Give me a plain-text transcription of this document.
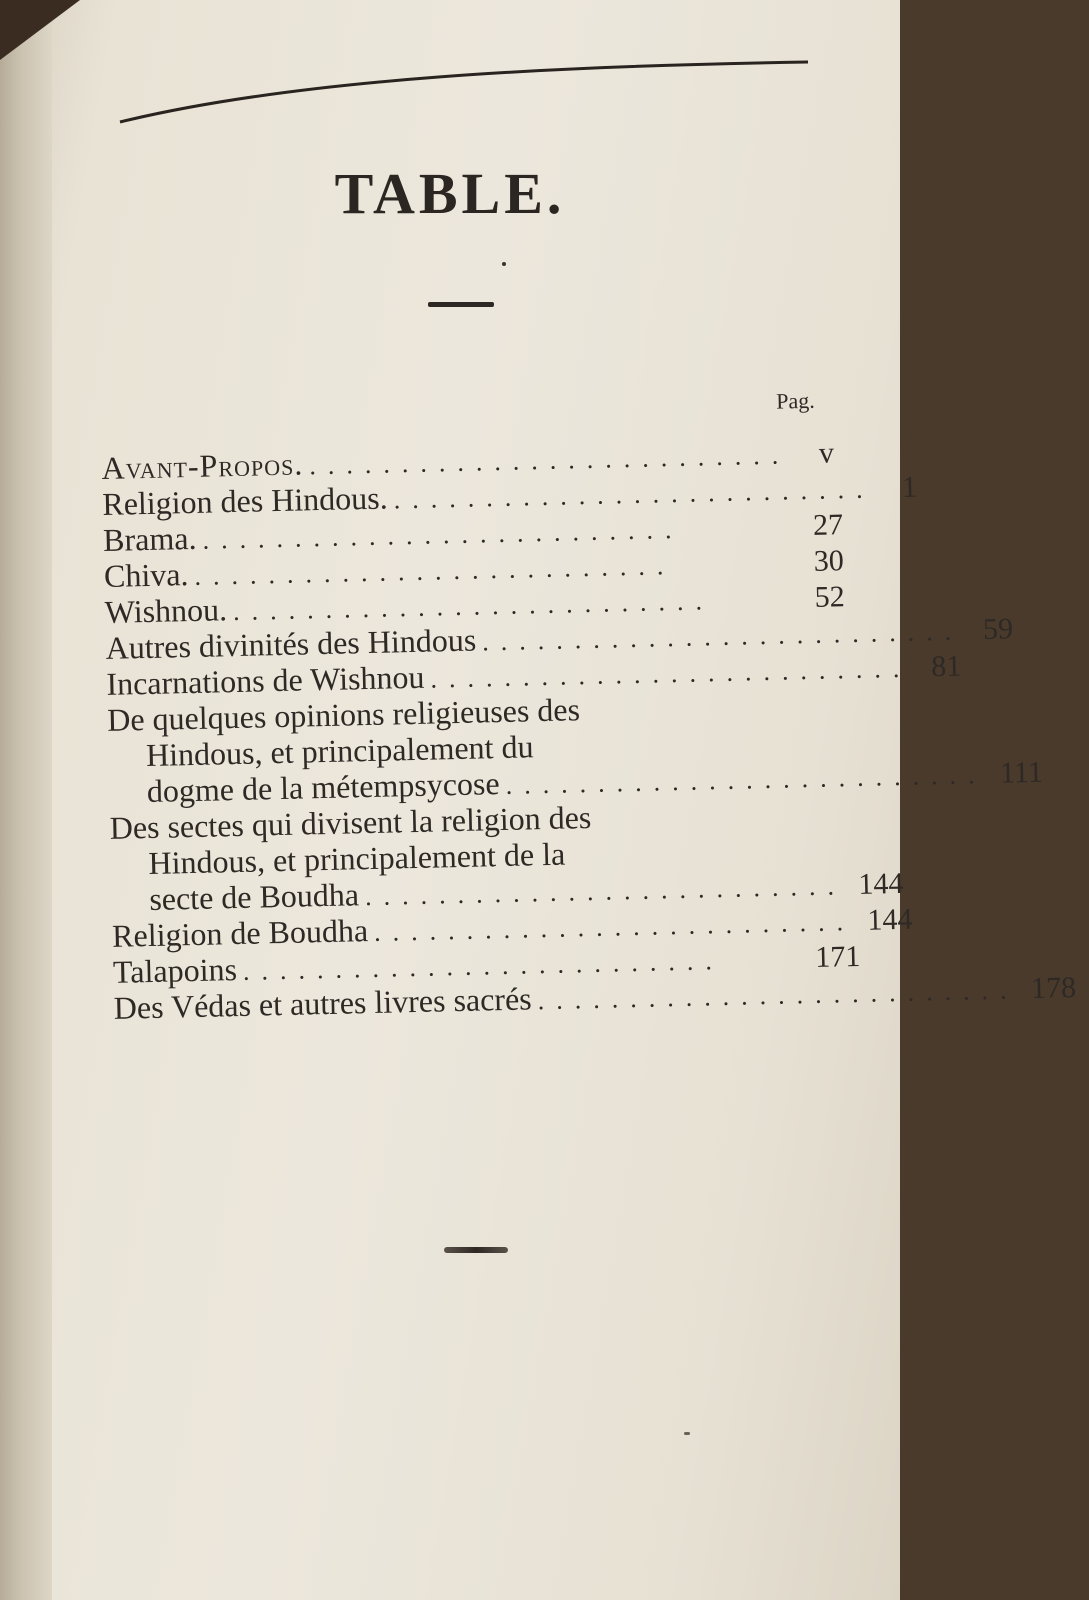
TABLE.
Pag.
Avant-Propos. .......................... v
Religion des Hindous. .......................... 1
Brama. ..........................	27
Chiva. ..........................	30
Wishnou. ..........................	52
Autres divinités des Hindous .......................... 59
Incarnations de Wishnou .......................... 81
De quelques opinions religieuses des
Hindous, et principalement du
dogme de la métempsycose .......................... 111
Des sectes qui divisent la religion des
Hindous, et principalement de la
secte de Boudha .......................... 144
Religion de Boudha .......................... 144
Talapoins ..........................	171
Des Védas et autres livres sacrés .......................... 178
